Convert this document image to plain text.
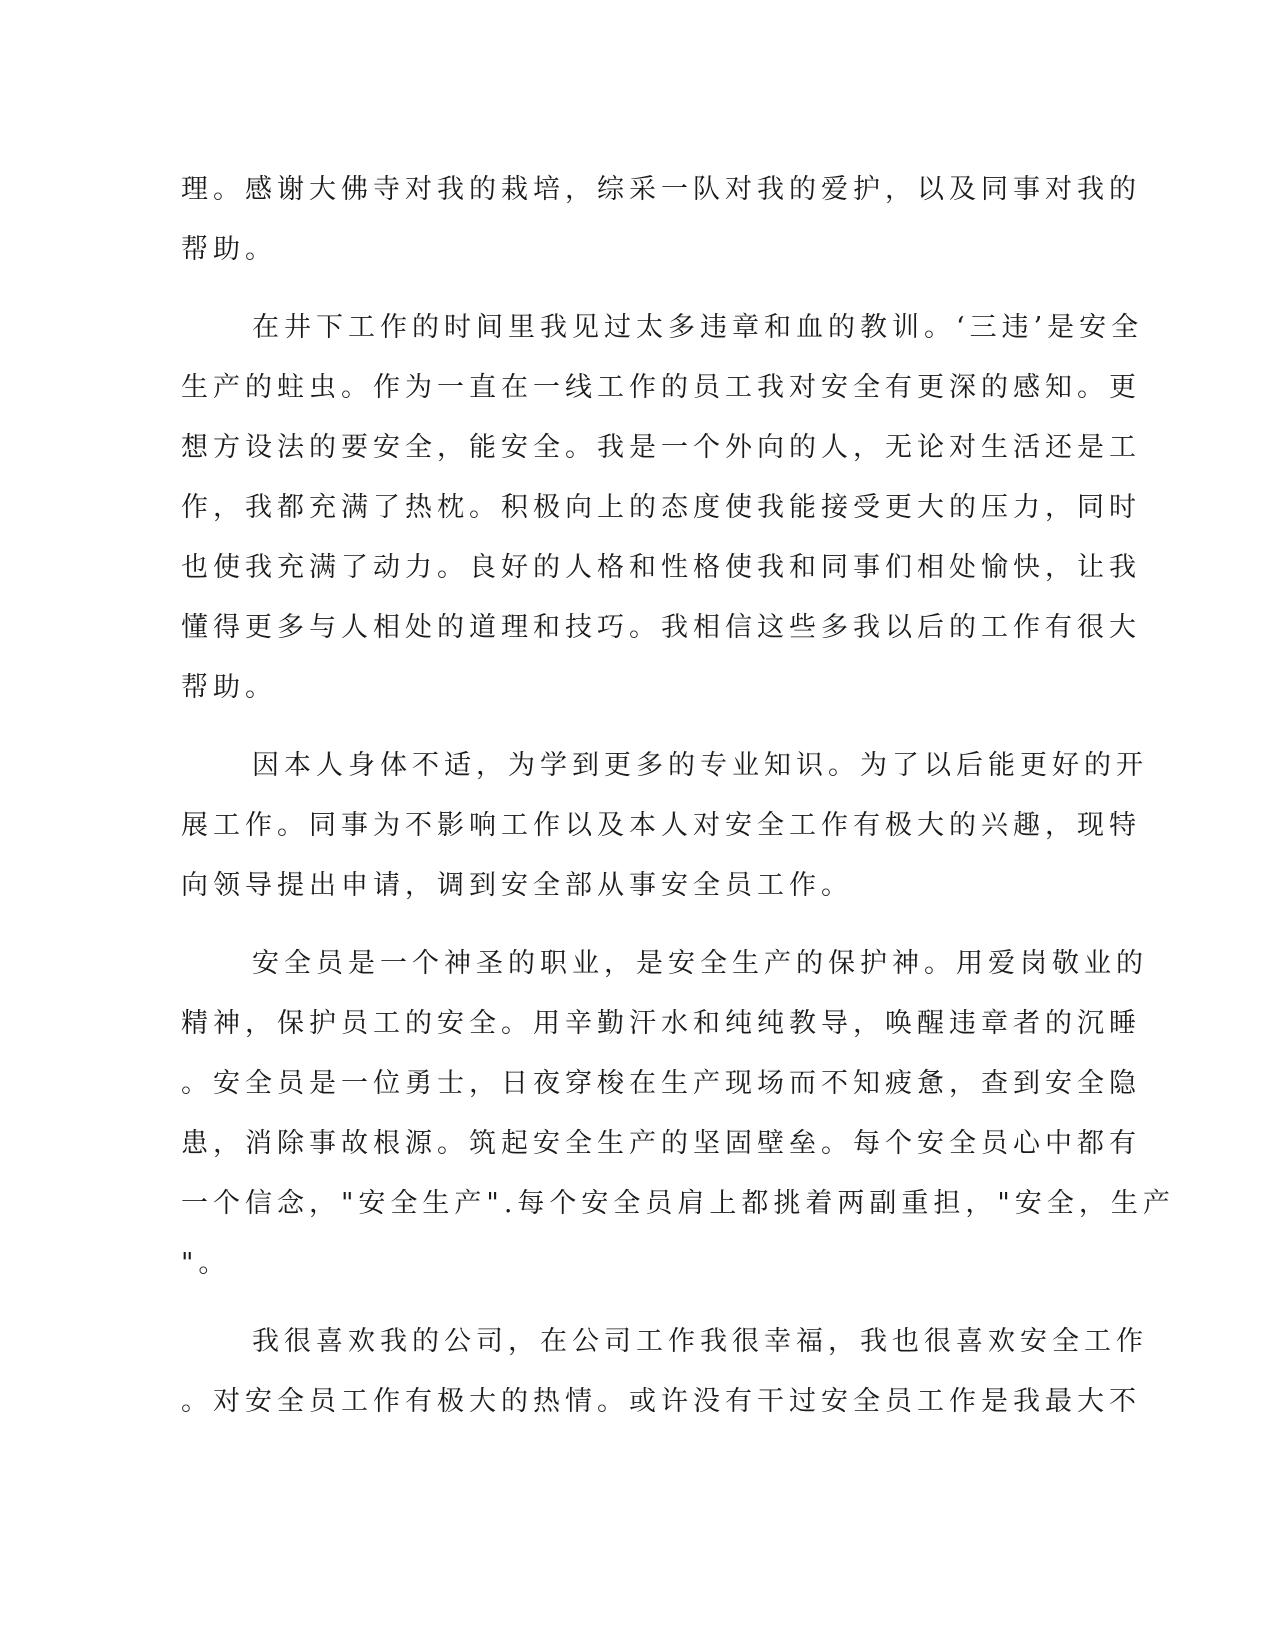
理。感谢大佛寺对我的栽培，综采一队对我的爱护，以及同事对我的
帮助。

在井下工作的时间里我见过太多违章和血的教训。‘三违’是安全
生产的蛀虫。作为一直在一线工作的员工我对安全有更深的感知。更
想方设法的要安全，能安全。我是一个外向的人，无论对生活还是工
作，我都充满了热枕。积极向上的态度使我能接受更大的压力，同时
也使我充满了动力。良好的人格和性格使我和同事们相处愉快，让我
懂得更多与人相处的道理和技巧。我相信这些多我以后的工作有很大
帮助。

因本人身体不适，为学到更多的专业知识。为了以后能更好的开
展工作。同事为不影响工作以及本人对安全工作有极大的兴趣，现特
向领导提出申请，调到安全部从事安全员工作。

安全员是一个神圣的职业，是安全生产的保护神。用爱岗敬业的
精神，保护员工的安全。用辛勤汗水和纯纯教导，唤醒违章者的沉睡
。安全员是一位勇士，日夜穿梭在生产现场而不知疲惫，查到安全隐
患，消除事故根源。筑起安全生产的坚固壁垒。每个安全员心中都有
一个信念，"安全生产".每个安全员肩上都挑着两副重担，"安全，生产
"。

我很喜欢我的公司，在公司工作我很幸福，我也很喜欢安全工作
。对安全员工作有极大的热情。或许没有干过安全员工作是我最大不
